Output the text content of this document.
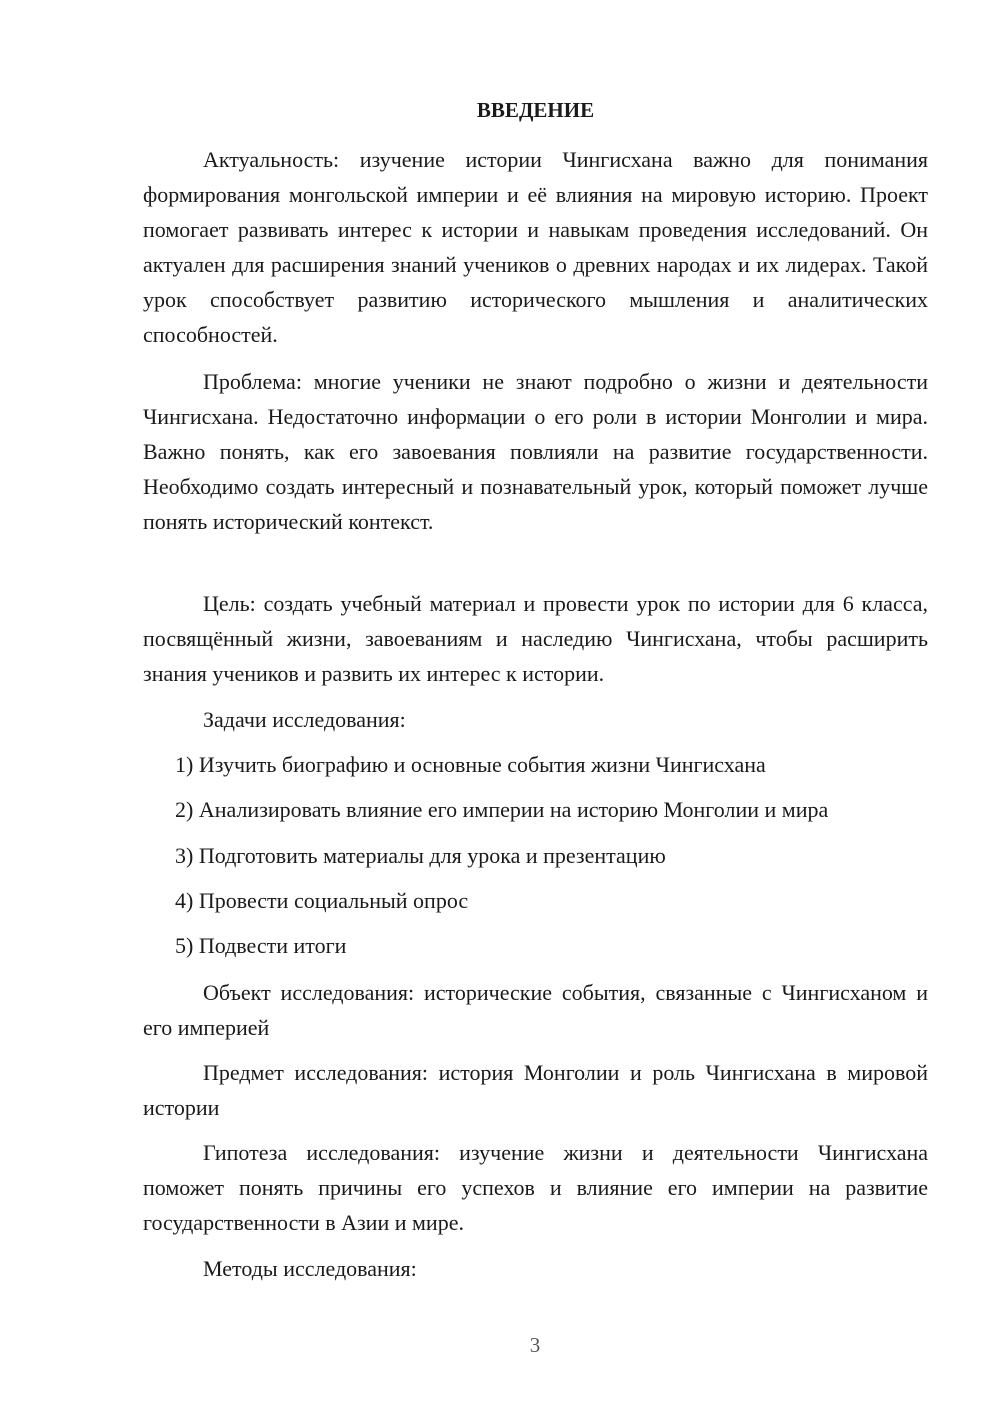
ВВЕДЕНИЕ

Актуальность: изучение истории Чингисхана важно для понимания формирования монгольской империи и её влияния на мировую историю. Проект помогает развивать интерес к истории и навыкам проведения исследований. Он актуален для расширения знаний учеников о древних народах и их лидерах. Такой урок способствует развитию исторического мышления и аналитических способностей.

Проблема: многие ученики не знают подробно о жизни и деятельности Чингисхана. Недостаточно информации о его роли в истории Монголии и мира. Важно понять, как его завоевания повлияли на развитие государственности. Необходимо создать интересный и познавательный урок, который поможет лучше понять исторический контекст.

Цель: создать учебный материал и провести урок по истории для 6 класса, посвящённый жизни, завоеваниям и наследию Чингисхана, чтобы расширить знания учеников и развить их интерес к истории.

Задачи исследования:

1) Изучить биографию и основные события жизни Чингисхана

2) Анализировать влияние его империи на историю Монголии и мира

3) Подготовить материалы для урока и презентацию

4) Провести социальный опрос

5) Подвести итоги

Объект исследования: исторические события, связанные с Чингисханом и его империей

Предмет исследования: история Монголии и роль Чингисхана в мировой истории

Гипотеза исследования: изучение жизни и деятельности Чингисхана поможет понять причины его успехов и влияние его империи на развитие государственности в Азии и мире.

Методы исследования:

3
